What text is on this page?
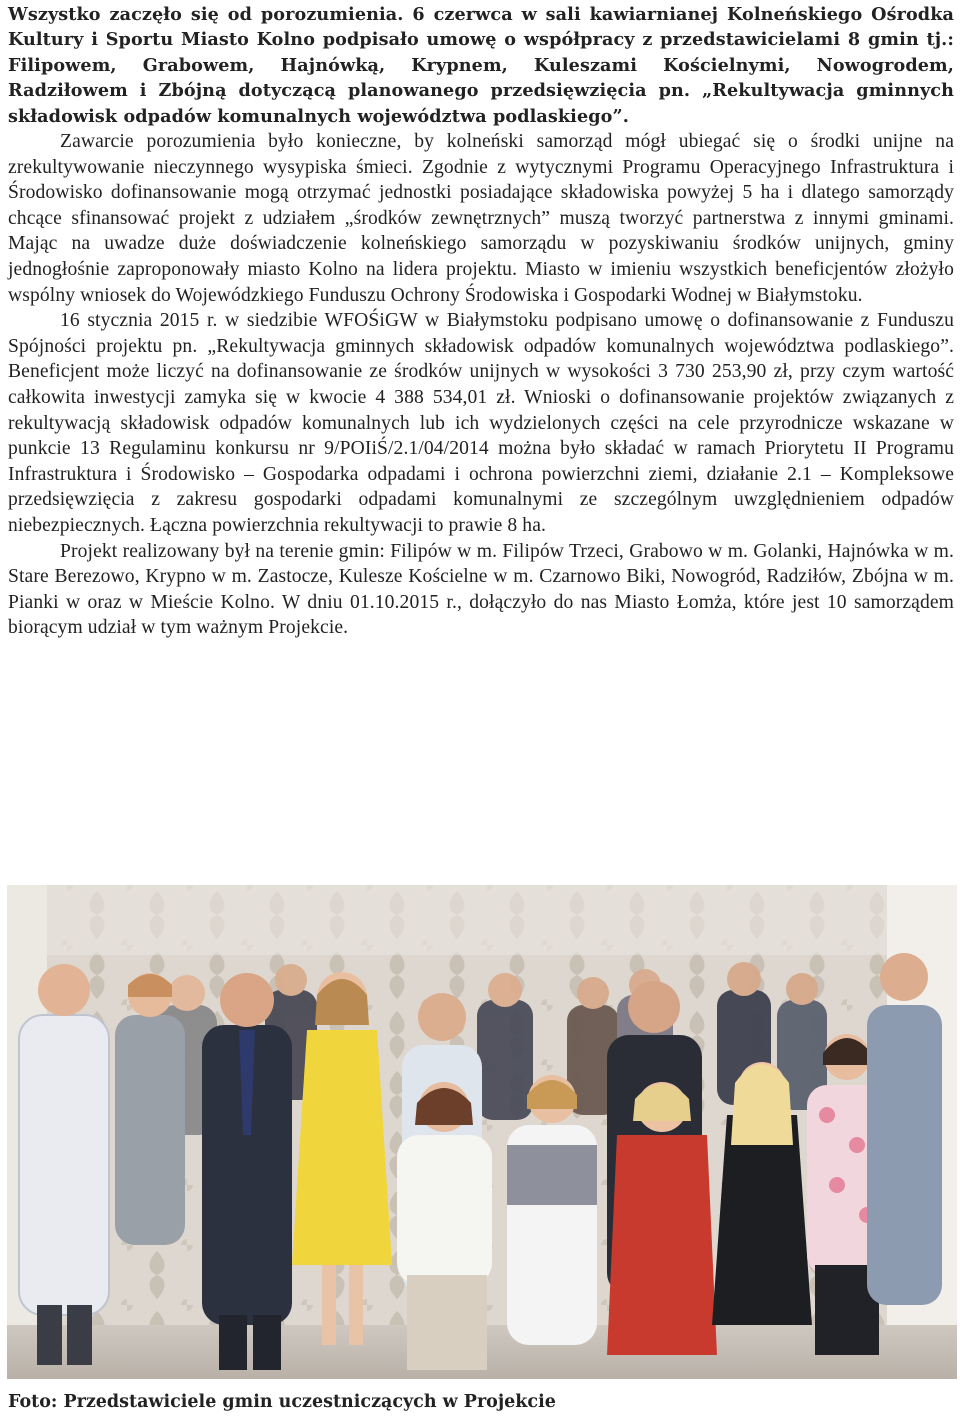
Wszystko zaczęło się od porozumienia. 6 czerwca w sali kawiarnianej Kolneńskiego Ośrodka Kultury i Sportu Miasto Kolno podpisało umowę o współpracy z przedstawicielami 8 gmin tj.: Filipowem, Grabowem, Hajnówką, Krypnem, Kuleszami Kościelnymi, Nowogrodem, Radziłowem i Zbójną dotyczącą planowanego przedsięwzięcia pn. „Rekultywacja gminnych składowisk odpadów komunalnych województwa podlaskiego”.

Zawarcie porozumienia było konieczne, by kolneński samorząd mógł ubiegać się o środki unijne na zrekultywowanie nieczynnego wysypiska śmieci. Zgodnie z wytycznymi Programu Operacyjnego Infrastruktura i Środowisko dofinansowanie mogą otrzymać jednostki posiadające składowiska powyżej 5 ha i dlatego samorządy chcące sfinansować projekt z udziałem „środków zewnętrznych” muszą tworzyć partnerstwa z innymi gminami. Mając na uwadze duże doświadczenie kolneńskiego samorządu w pozyskiwaniu środków unijnych, gminy jednogłośnie zaproponowały miasto Kolno na lidera projektu. Miasto w imieniu wszystkich beneficjentów złożyło wspólny wniosek do Wojewódzkiego Funduszu Ochrony Środowiska i Gospodarki Wodnej w Białymstoku.

16 stycznia 2015 r. w siedzibie WFOŚiGW w Białymstoku podpisano umowę o dofinansowanie z Funduszu Spójności projektu pn. „Rekultywacja gminnych składowisk odpadów komunalnych województwa podlaskiego”. Beneficjent może liczyć na dofinansowanie ze środków unijnych w wysokości 3 730 253,90 zł, przy czym wartość całkowita inwestycji zamyka się w kwocie 4 388 534,01 zł. Wnioski o dofinansowanie projektów związanych z rekultywacją składowisk odpadów komunalnych lub ich wydzielonych części na cele przyrodnicze wskazane w punkcie 13 Regulaminu konkursu nr 9/POIiŚ/2.1/04/2014 można było składać w ramach Priorytetu II Programu Infrastruktura i Środowisko – Gospodarka odpadami i ochrona powierzchni ziemi, działanie 2.1 – Kompleksowe przedsięwzięcia z zakresu gospodarki odpadami komunalnymi ze szczególnym uwzględnieniem odpadów niebezpiecznych. Łączna powierzchnia rekultywacji to prawie 8 ha.

Projekt realizowany był na terenie gmin: Filipów w m. Filipów Trzeci, Grabowo w m. Golanki, Hajnówka w m. Stare Berezowo, Krypno w m. Zastocze, Kulesze Kościelne w m. Czarnowo Biki, Nowogród, Radziłów, Zbójna w m. Pianki w oraz w Mieście Kolno. W dniu 01.10.2015 r., dołączyło do nas Miasto Łomża, które jest 10 samorządem biorącym udział w tym ważnym Projekcie.

Foto: Przedstawiciele gmin uczestniczących w Projekcie
